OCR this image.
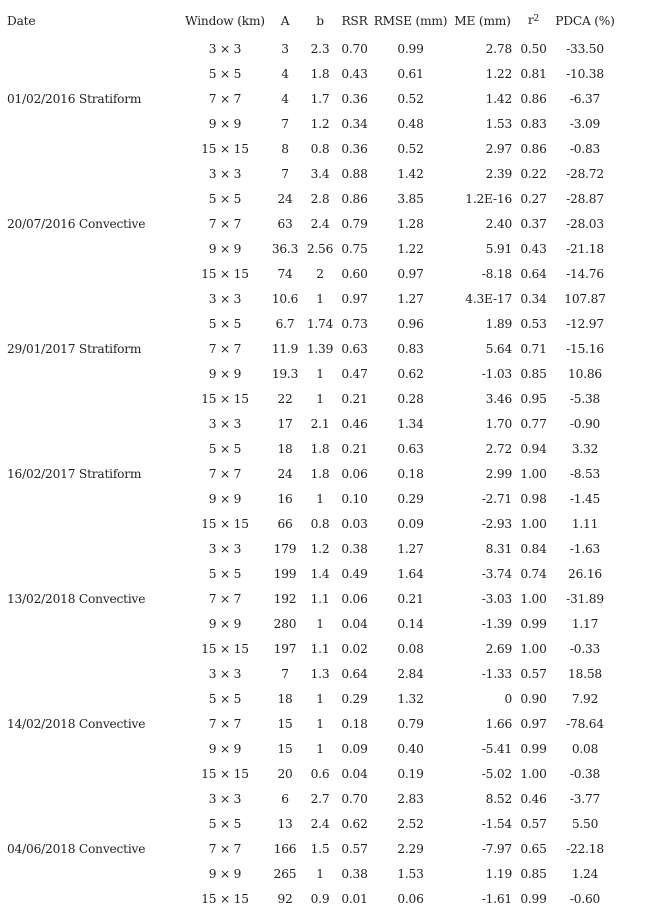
Date	Window (km)	A	b	RSR	RMSE (mm)	ME (mm)	$r^2$	PDCA (%)
	3 × 3	3	2.3	0.70	0.99	2.78	0.50	-33.50
	5 × 5	4	1.8	0.43	0.61	1.22	0.81	-10.38
01/02/2016 Stratiform	7 × 7	4	1.7	0.36	0.52	1.42	0.86	-6.37
	9 × 9	7	1.2	0.34	0.48	1.53	0.83	-3.09
	15 × 15	8	0.8	0.36	0.52	2.97	0.86	-0.83
	3 × 3	7	3.4	0.88	1.42	2.39	0.22	-28.72
	5 × 5	24	2.8	0.86	3.85	1.2E-16	0.27	-28.87
20/07/2016 Convective	7 × 7	63	2.4	0.79	1.28	2.40	0.37	-28.03
	9 × 9	36.3	2.56	0.75	1.22	5.91	0.43	-21.18
	15 × 15	74	2	0.60	0.97	-8.18	0.64	-14.76
	3 × 3	10.6	1	0.97	1.27	4.3E-17	0.34	107.87
	5 × 5	6.7	1.74	0.73	0.96	1.89	0.53	-12.97
29/01/2017 Stratiform	7 × 7	11.9	1.39	0.63	0.83	5.64	0.71	-15.16
	9 × 9	19.3	1	0.47	0.62	-1.03	0.85	10.86
	15 × 15	22	1	0.21	0.28	3.46	0.95	-5.38
	3 × 3	17	2.1	0.46	1.34	1.70	0.77	-0.90
	5 × 5	18	1.8	0.21	0.63	2.72	0.94	3.32
16/02/2017 Stratiform	7 × 7	24	1.8	0.06	0.18	2.99	1.00	-8.53
	9 × 9	16	1	0.10	0.29	-2.71	0.98	-1.45
	15 × 15	66	0.8	0.03	0.09	-2.93	1.00	1.11
	3 × 3	179	1.2	0.38	1.27	8.31	0.84	-1.63
	5 × 5	199	1.4	0.49	1.64	-3.74	0.74	26.16
13/02/2018 Convective	7 × 7	192	1.1	0.06	0.21	-3.03	1.00	-31.89
	9 × 9	280	1	0.04	0.14	-1.39	0.99	1.17
	15 × 15	197	1.1	0.02	0.08	2.69	1.00	-0.33
	3 × 3	7	1.3	0.64	2.84	-1.33	0.57	18.58
	5 × 5	18	1	0.29	1.32	0	0.90	7.92
14/02/2018 Convective	7 × 7	15	1	0.18	0.79	1.66	0.97	-78.64
	9 × 9	15	1	0.09	0.40	-5.41	0.99	0.08
	15 × 15	20	0.6	0.04	0.19	-5.02	1.00	-0.38
	3 × 3	6	2.7	0.70	2.83	8.52	0.46	-3.77
	5 × 5	13	2.4	0.62	2.52	-1.54	0.57	5.50
04/06/2018 Convective	7 × 7	166	1.5	0.57	2.29	-7.97	0.65	-22.18
	9 × 9	265	1	0.38	1.53	1.19	0.85	1.24
	15 × 15	92	0.9	0.01	0.06	-1.61	0.99	-0.60
